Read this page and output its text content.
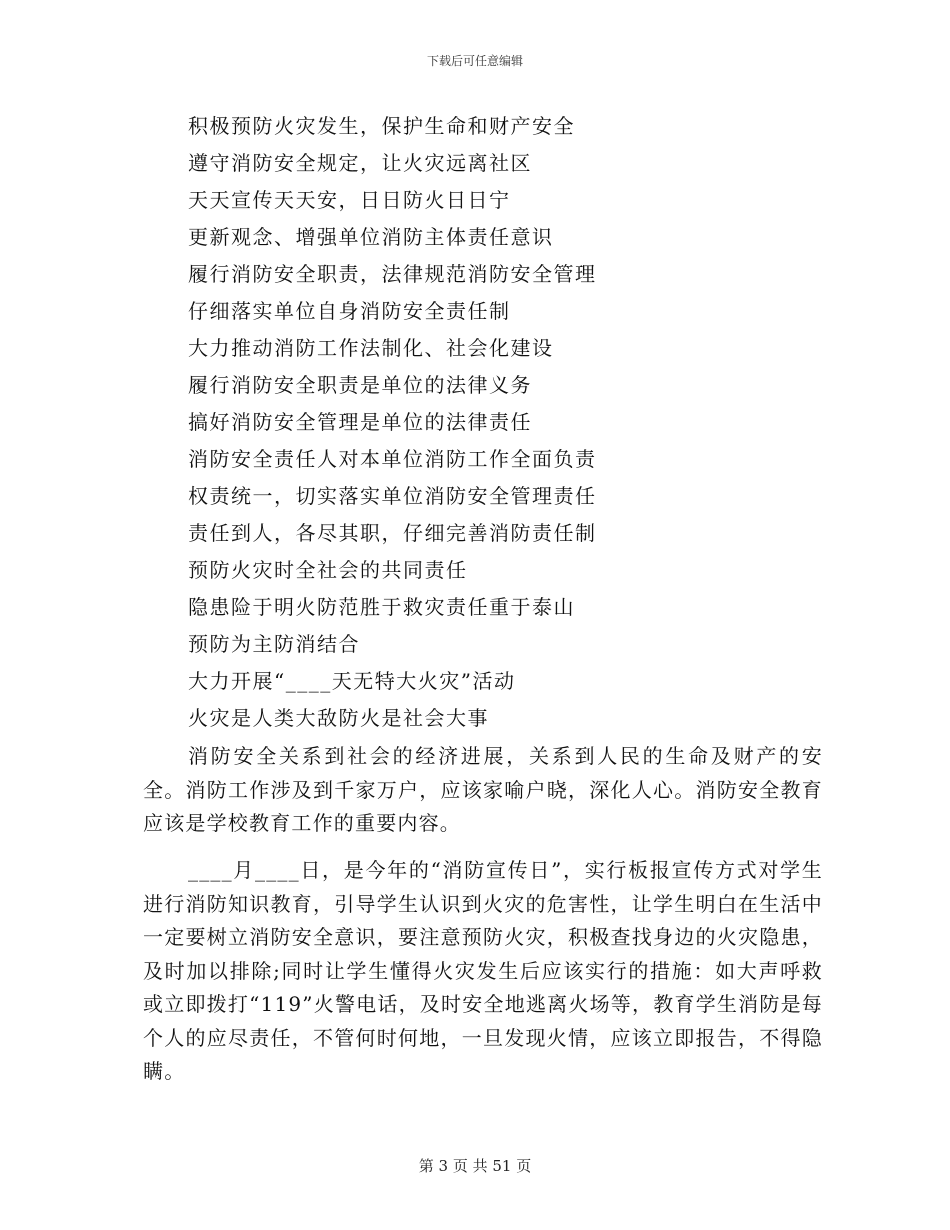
下载后可任意编辑
积极预防火灾发生，保护生命和财产安全
遵守消防安全规定，让火灾远离社区
天天宣传天天安，日日防火日日宁
更新观念、增强单位消防主体责任意识
履行消防安全职责，法律规范消防安全管理
仔细落实单位自身消防安全责任制
大力推动消防工作法制化、社会化建设
履行消防安全职责是单位的法律义务
搞好消防安全管理是单位的法律责任
消防安全责任人对本单位消防工作全面负责
权责统一，切实落实单位消防安全管理责任
责任到人，各尽其职，仔细完善消防责任制
预防火灾时全社会的共同责任
隐患险于明火防范胜于救灾责任重于泰山
预防为主防消结合
大力开展“____天无特大火灾”活动
火灾是人类大敌防火是社会大事

消防安全关系到社会的经济进展，关系到人民的生命及财产的安全。消防工作涉及到千家万户，应该家喻户晓，深化人心。消防安全教育应该是学校教育工作的重要内容。

____月____日，是今年的“消防宣传日”，实行板报宣传方式对学生进行消防知识教育，引导学生认识到火灾的危害性，让学生明白在生活中一定要树立消防安全意识，要注意预防火灾，积极查找身边的火灾隐患，及时加以排除;同时让学生懂得火灾发生后应该实行的措施：如大声呼救或立即拨打“119”火警电话，及时安全地逃离火场等，教育学生消防是每个人的应尽责任，不管何时何地，一旦发现火情，应该立即报告，不得隐瞒。

第 3 页 共 51 页
